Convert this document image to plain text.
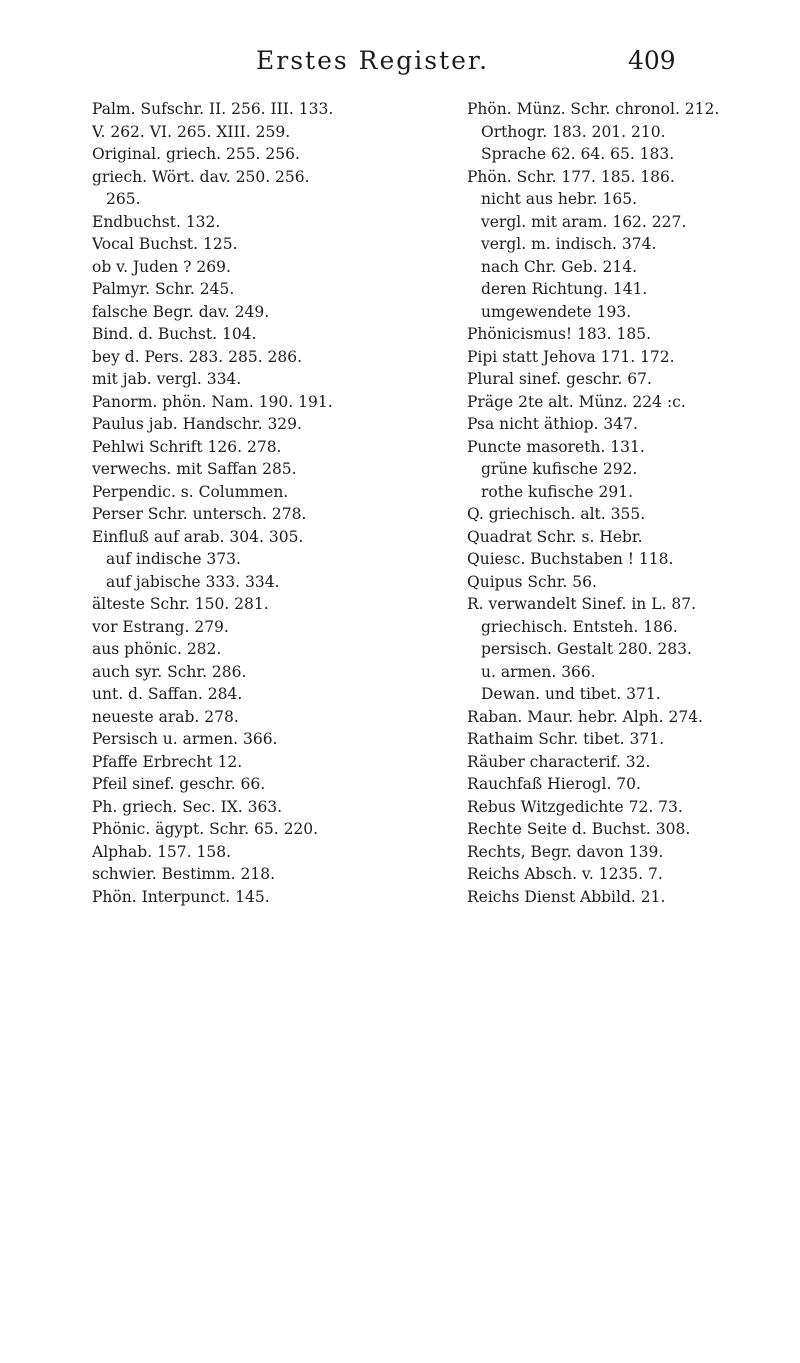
Erstes Register.	409
Palm. Sufschr. II. 256. III. 133.
V. 262. VI. 265. XIII. 259.
Original. griech. 255. 256.
griech. Wört. dav. 250. 256.
265.
Endbuchst. 132.
Vocal Buchst. 125.
ob v. Juden ? 269.
Palmyr. Schr. 245.
falsche Begr. dav. 249.
Bind. d. Buchst. 104.
bey d. Pers. 283. 285. 286.
mit jab. vergl. 334.
Panorm. phön. Nam. 190. 191.
Paulus jab. Handschr. 329.
Pehlwi Schrift 126. 278.
verwechs. mit Saffan 285.
Perpendic. s. Colummen.
Perser Schr. untersch. 278.
Einfluß auf arab. 304. 305.
auf indische 373.
auf jabische 333. 334.
älteste Schr. 150. 281.
vor Estrang. 279.
aus phönic. 282.
auch syr. Schr. 286.
unt. d. Saffan. 284.
neueste arab. 278.
Persisch u. armen. 366.
Pfaffe Erbrecht 12.
Pfeil sinef. geschr. 66.
Ph. griech. Sec. IX. 363.
Phönic. ägypt. Schr. 65. 220.
Alphab. 157. 158.
schwier. Bestimm. 218.
Phön. Interpunct. 145.
Phön. Münz. Schr. chronol. 212.
Orthogr. 183. 201. 210.
Sprache 62. 64. 65. 183.
Phön. Schr. 177. 185. 186.
nicht aus hebr. 165.
vergl. mit aram. 162. 227.
vergl. m. indisch. 374.
nach Chr. Geb. 214.
deren Richtung. 141.
umgewendete 193.
Phönicismus! 183. 185.
Pipi statt Jehova 171. 172.
Plural sinef. geschr. 67.
Präge 2te alt. Münz. 224 :c.
Psa nicht äthiop. 347.
Puncte masoreth. 131.
grüne kufische 292.
rothe kufische 291.
Q. griechisch. alt. 355.
Quadrat Schr. s. Hebr.
Quiesc. Buchstaben ! 118.
Quipus Schr. 56.
R. verwandelt Sinef. in L. 87.
griechisch. Entsteh. 186.
persisch. Gestalt 280. 283.
u. armen. 366.
Dewan. und tibet. 371.
Raban. Maur. hebr. Alph. 274.
Rathaim Schr. tibet. 371.
Räuber characterif. 32.
Rauchfaß Hierogl. 70.
Rebus Witzgedichte 72. 73.
Rechte Seite d. Buchst. 308.
Rechts, Begr. davon 139.
Reichs Absch. v. 1235. 7.
Reichs Dienst Abbild. 21.
